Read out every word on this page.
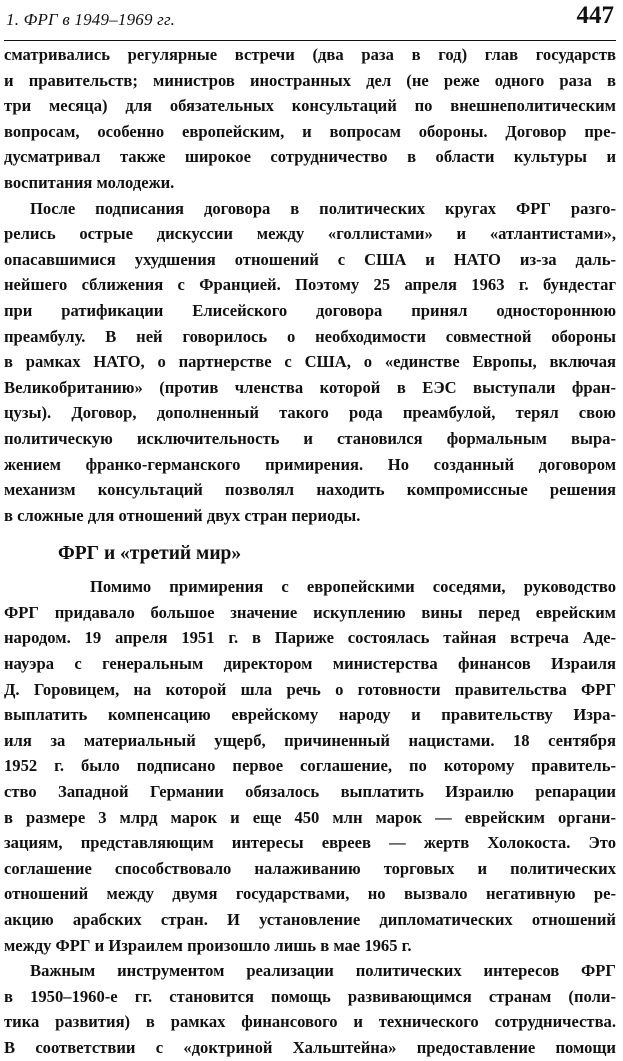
1. ФРГ в 1949–1969 гг.	447
сматривались регулярные встречи (два раза в год) глав государств
и правительств; министров иностранных дел (не реже одного раза в
три месяца) для обязательных консультаций по внешнеполитическим
вопросам, особенно европейским, и вопросам обороны. Договор пре-
дусматривал также широкое сотрудничество в области культуры и
воспитания молодежи.
После подписания договора в политических кругах ФРГ разго-
релись острые дискуссии между «голлистами» и «атлантистами»,
опасавшимися ухудшения отношений с США и НАТО из-за даль-
нейшего сближения с Францией. Поэтому 25 апреля 1963 г. бундестаг
при ратификации Елисейского договора принял одностороннюю
преамбулу. В ней говорилось о необходимости совместной обороны
в рамках НАТО, о партнерстве с США, о «единстве Европы, включая
Великобританию» (против членства которой в ЕЭС выступали фран-
цузы). Договор, дополненный такого рода преамбулой, терял свою
политическую исключительность и становился формальным выра-
жением франко-германского примирения. Но созданный договором
механизм консультаций позволял находить компромиссные решения
в сложные для отношений двух стран периоды.
ФРГ и «третий мир»
Помимо примирения с европейскими соседями, руководство
ФРГ придавало большое значение искуплению вины перед еврейским
народом. 19 апреля 1951 г. в Париже состоялась тайная встреча Аде-
науэра с генеральным директором министерства финансов Израиля
Д. Горовицем, на которой шла речь о готовности правительства ФРГ
выплатить компенсацию еврейскому народу и правительству Изра-
иля за материальный ущерб, причиненный нацистами. 18 сентября
1952 г. было подписано первое соглашение, по которому правитель-
ство Западной Германии обязалось выплатить Израилю репарации
в размере 3 млрд марок и еще 450 млн марок — еврейским органи-
зациям, представляющим интересы евреев — жертв Холокоста. Это
соглашение способствовало налаживанию торговых и политических
отношений между двумя государствами, но вызвало негативную ре-
акцию арабских стран. И установление дипломатических отношений
между ФРГ и Израилем произошло лишь в мае 1965 г.
Важным инструментом реализации политических интересов ФРГ
в 1950–1960-е гг. становится помощь развивающимся странам (поли-
тика развития) в рамках финансового и технического сотрудничества.
В соответствии с «доктриной Хальштейна» предоставление помощи
